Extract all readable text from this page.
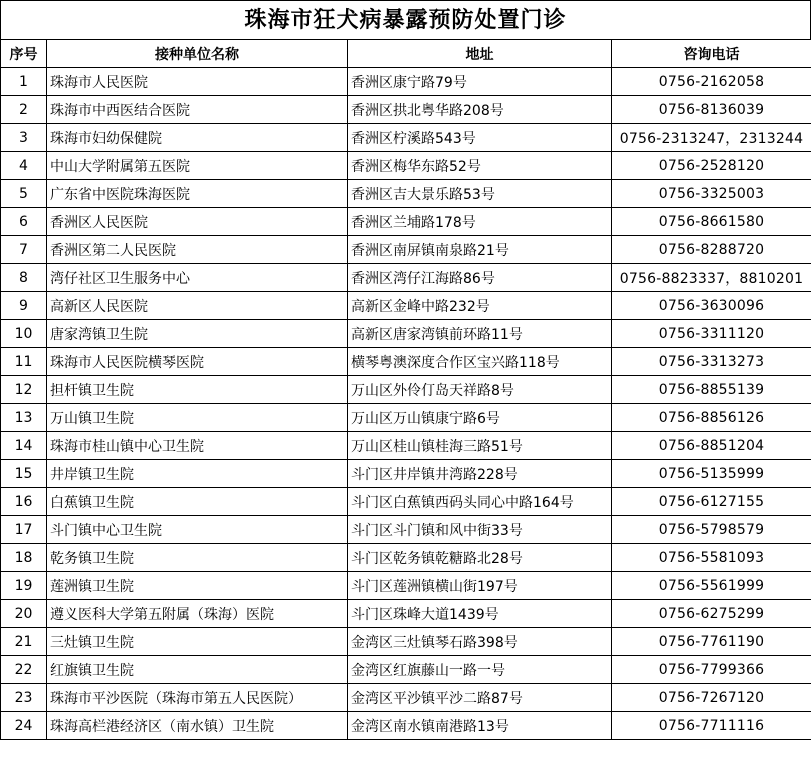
珠海市狂犬病暴露预防处置门诊
序号	接种单位名称	地址	咨询电话
1	珠海市人民医院	香洲区康宁路79号	0756-2162058
2	珠海市中西医结合医院	香洲区拱北粤华路208号	0756-8136039
3	珠海市妇幼保健院	香洲区柠溪路543号	0756-2313247，2313244
4	中山大学附属第五医院	香洲区梅华东路52号	0756-2528120
5	广东省中医院珠海医院	香洲区吉大景乐路53号	0756-3325003
6	香洲区人民医院	香洲区兰埔路178号	0756-8661580
7	香洲区第二人民医院	香洲区南屏镇南泉路21号	0756-8288720
8	湾仔社区卫生服务中心	香洲区湾仔江海路86号	0756-8823337，8810201
9	高新区人民医院	高新区金峰中路232号	0756-3630096
10	唐家湾镇卫生院	高新区唐家湾镇前环路11号	0756-3311120
11	珠海市人民医院横琴医院	横琴粤澳深度合作区宝兴路118号	0756-3313273
12	担杆镇卫生院	万山区外伶仃岛天祥路8号	0756-8855139
13	万山镇卫生院	万山区万山镇康宁路6号	0756-8856126
14	珠海市桂山镇中心卫生院	万山区桂山镇桂海三路51号	0756-8851204
15	井岸镇卫生院	斗门区井岸镇井湾路228号	0756-5135999
16	白蕉镇卫生院	斗门区白蕉镇西码头同心中路164号	0756-6127155
17	斗门镇中心卫生院	斗门区斗门镇和风中街33号	0756-5798579
18	乾务镇卫生院	斗门区乾务镇乾糖路北28号	0756-5581093
19	莲洲镇卫生院	斗门区莲洲镇横山街197号	0756-5561999
20	遵义医科大学第五附属（珠海）医院	斗门区珠峰大道1439号	0756-6275299
21	三灶镇卫生院	金湾区三灶镇琴石路398号	0756-7761190
22	红旗镇卫生院	金湾区红旗藤山一路一号	0756-7799366
23	珠海市平沙医院（珠海市第五人民医院）	金湾区平沙镇平沙二路87号	0756-7267120
24	珠海高栏港经济区（南水镇）卫生院	金湾区南水镇南港路13号	0756-7711116
